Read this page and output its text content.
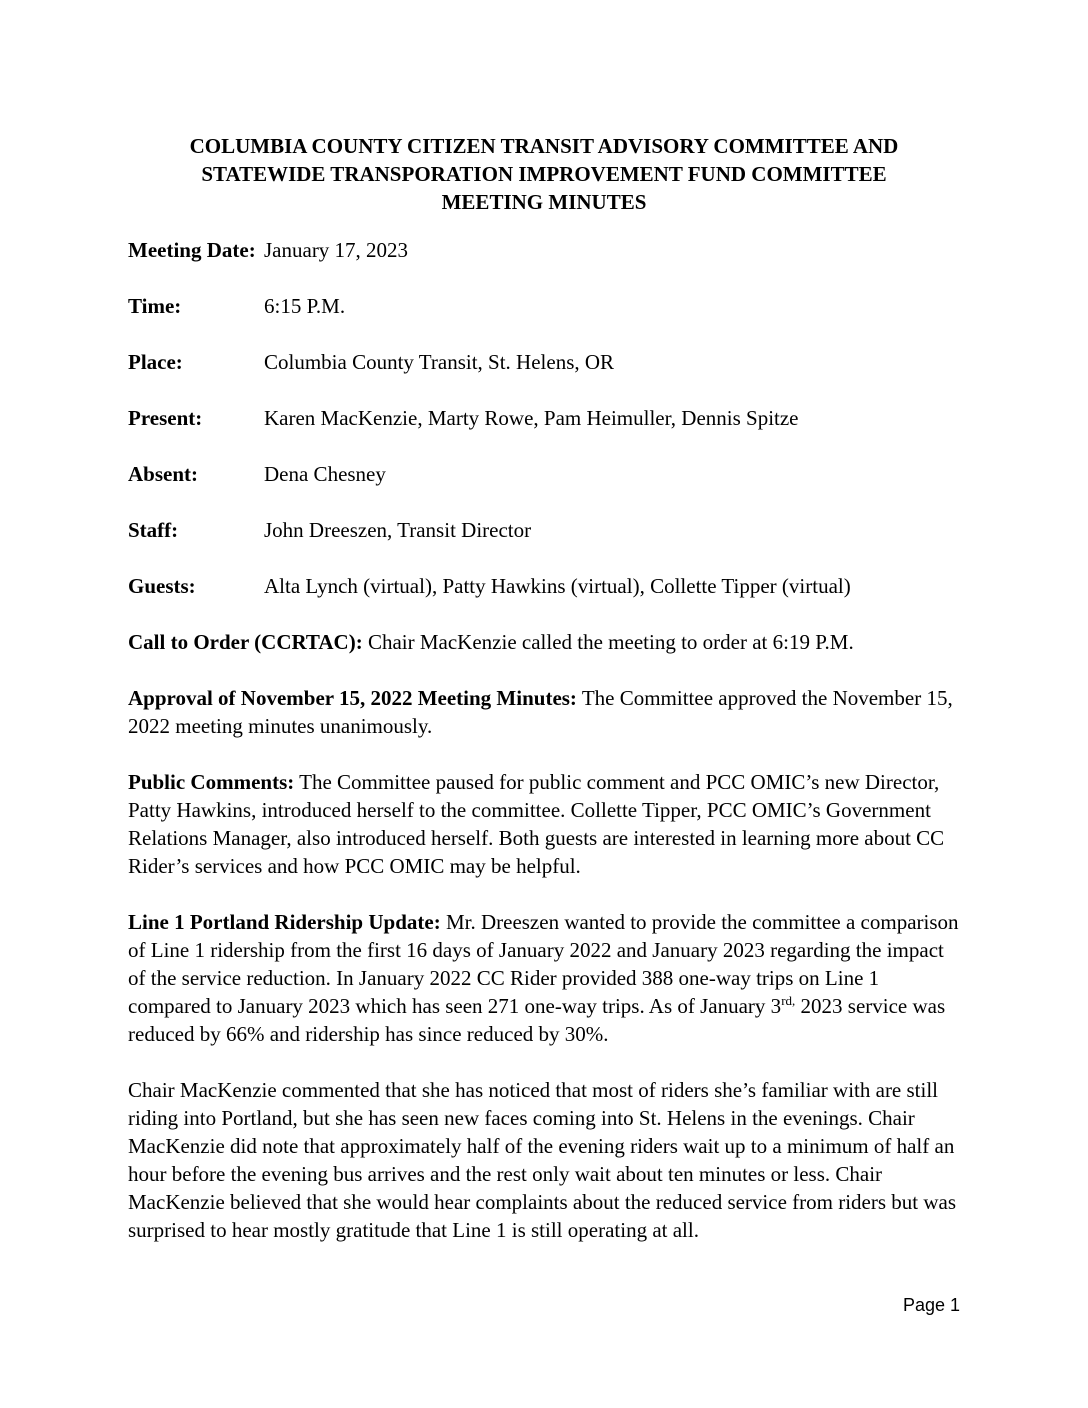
COLUMBIA COUNTY CITIZEN TRANSIT ADVISORY COMMITTEE AND
STATEWIDE TRANSPORATION IMPROVEMENT FUND COMMITTEE
MEETING MINUTES
Meeting Date: January 17, 2023
Time:	6:15 P.M.
Place:	Columbia County Transit, St. Helens, OR
Present:	Karen MacKenzie, Marty Rowe, Pam Heimuller, Dennis Spitze
Absent:	Dena Chesney
Staff:	John Dreeszen, Transit Director
Guests:	Alta Lynch (virtual), Patty Hawkins (virtual), Collette Tipper (virtual)

Call to Order (CCRTAC): Chair MacKenzie called the meeting to order at 6:19 P.M.

Approval of November 15, 2022 Meeting Minutes: The Committee approved the November 15, 2022 meeting minutes unanimously.

Public Comments: The Committee paused for public comment and PCC OMIC’s new Director, Patty Hawkins, introduced herself to the committee. Collette Tipper, PCC OMIC’s Government Relations Manager, also introduced herself. Both guests are interested in learning more about CC Rider’s services and how PCC OMIC may be helpful.

Line 1 Portland Ridership Update: Mr. Dreeszen wanted to provide the committee a comparison of Line 1 ridership from the first 16 days of January 2022 and January 2023 regarding the impact of the service reduction. In January 2022 CC Rider provided 388 one-way trips on Line 1 compared to January 2023 which has seen 271 one-way trips. As of January $3^{rd,}$ 2023 service was reduced by 66% and ridership has since reduced by 30%.

Chair MacKenzie commented that she has noticed that most of riders she’s familiar with are still riding into Portland, but she has seen new faces coming into St. Helens in the evenings. Chair MacKenzie did note that approximately half of the evening riders wait up to a minimum of half an hour before the evening bus arrives and the rest only wait about ten minutes or less. Chair MacKenzie believed that she would hear complaints about the reduced service from riders but was surprised to hear mostly gratitude that Line 1 is still operating at all.

Page 1
